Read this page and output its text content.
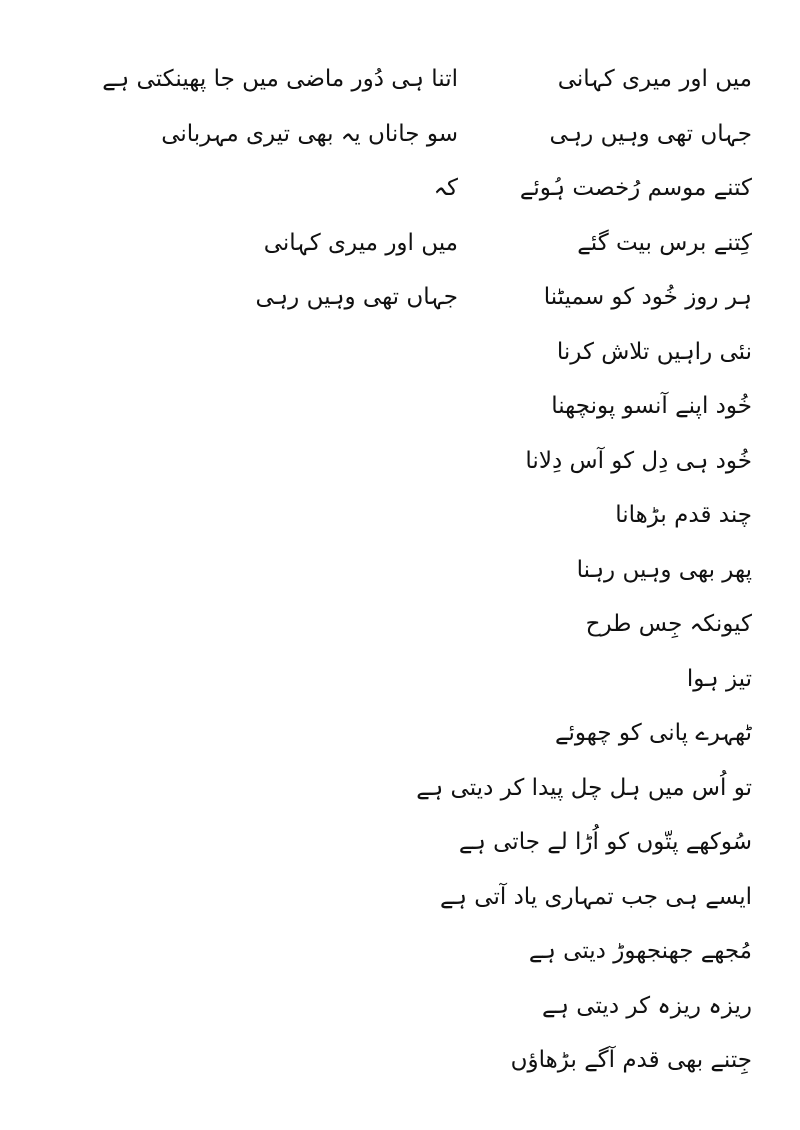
میں اور میری کہانی
جہاں تھی وہیں رہی
کتنے موسم رُخصت ہُوئے
کِتنے برس بیت گئے
ہر روز خُود کو سمیٹنا
نئی راہیں تلاش کرنا
خُود اپنے آنسو پونچھنا
خُود ہی دِل کو آس دِلانا
چند قدم بڑھانا
پھر بھی وہیں رہنا
کیونکہ جِس طرح
تیز ہوا
ٹھہرے پانی کو چھوئے
تو اُس میں ہل چل پیدا کر دیتی ہے
سُوکھے پتّوں کو اُڑا لے جاتی ہے
ایسے ہی جب تمہاری یاد آتی ہے
مُجھے جھنجھوڑ دیتی ہے
ریزہ ریزہ کر دیتی ہے
جِتنے بھی قدم آگے بڑھاؤں
اتنا ہی دُور ماضی میں جا پھینکتی ہے
سو جاناں یہ بھی تیری مہربانی
کہ
میں اور میری کہانی
جہاں تھی وہیں رہی
